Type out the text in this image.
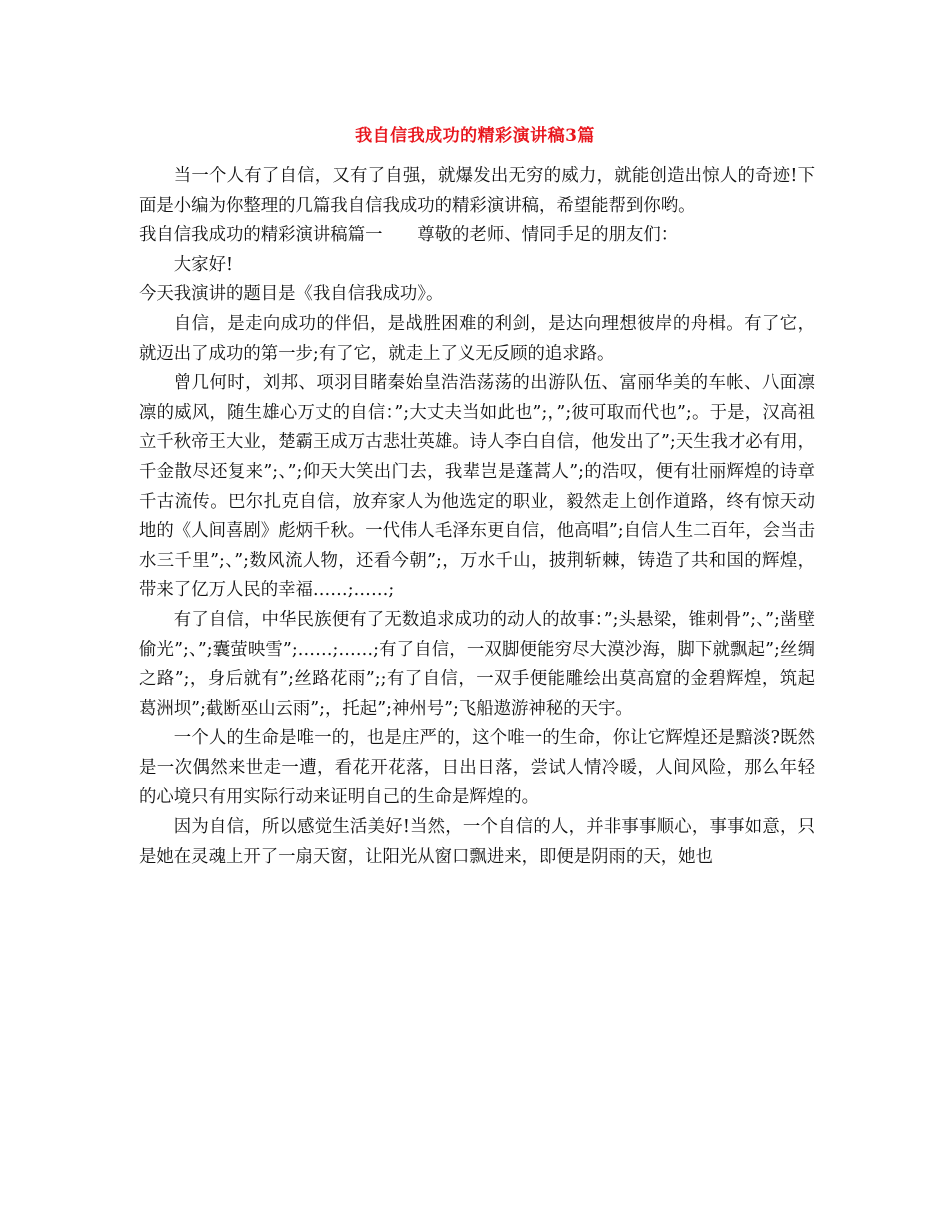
我自信我成功的精彩演讲稿3篇

当一个人有了自信，又有了自强，就爆发出无穷的威力，就能创造出惊人的奇迹!下面是小编为你整理的几篇我自信我成功的精彩演讲稿，希望能帮到你哟。

我自信我成功的精彩演讲稿篇一　　尊敬的老师、情同手足的朋友们：

大家好!

今天我演讲的题目是《我自信我成功》。

自信，是走向成功的伴侣，是战胜困难的利剑，是达向理想彼岸的舟楫。有了它，就迈出了成功的第一步;有了它，就走上了义无反顾的追求路。

曾几何时，刘邦、项羽目睹秦始皇浩浩荡荡的出游队伍、富丽华美的车帐、八面凛凛的威风，随生雄心万丈的自信：”;大丈夫当如此也”;，”;彼可取而代也”;。于是，汉高祖立千秋帝王大业，楚霸王成万古悲壮英雄。诗人李白自信，他发出了”;天生我才必有用，千金散尽还复来”;、”;仰天大笑出门去，我辈岂是蓬蒿人”;的浩叹，便有壮丽辉煌的诗章千古流传。巴尔扎克自信，放弃家人为他选定的职业，毅然走上创作道路，终有惊天动地的《人间喜剧》彪炳千秋。一代伟人毛泽东更自信，他高唱”;自信人生二百年，会当击水三千里”;、”;数风流人物，还看今朝”;，万水千山，披荆斩棘，铸造了共和国的辉煌，带来了亿万人民的幸福……;……;

有了自信，中华民族便有了无数追求成功的动人的故事：”;头悬梁，锥刺骨”;、”;凿壁偷光”;、”;囊萤映雪”;……;……;有了自信，一双脚便能穷尽大漠沙海，脚下就飘起”;丝绸之路”;，身后就有”;丝路花雨”;;有了自信，一双手便能雕绘出莫高窟的金碧辉煌，筑起葛洲坝”;截断巫山云雨”;，托起”;神州号”;飞船遨游神秘的天宇。

一个人的生命是唯一的，也是庄严的，这个唯一的生命，你让它辉煌还是黯淡?既然是一次偶然来世走一遭，看花开花落，日出日落，尝试人情冷暖，人间风险，那么年轻的心境只有用实际行动来证明自己的生命是辉煌的。

因为自信，所以感觉生活美好!当然，一个自信的人，并非事事顺心，事事如意，只是她在灵魂上开了一扇天窗，让阳光从窗口飘进来，即便是阴雨的天，她也
